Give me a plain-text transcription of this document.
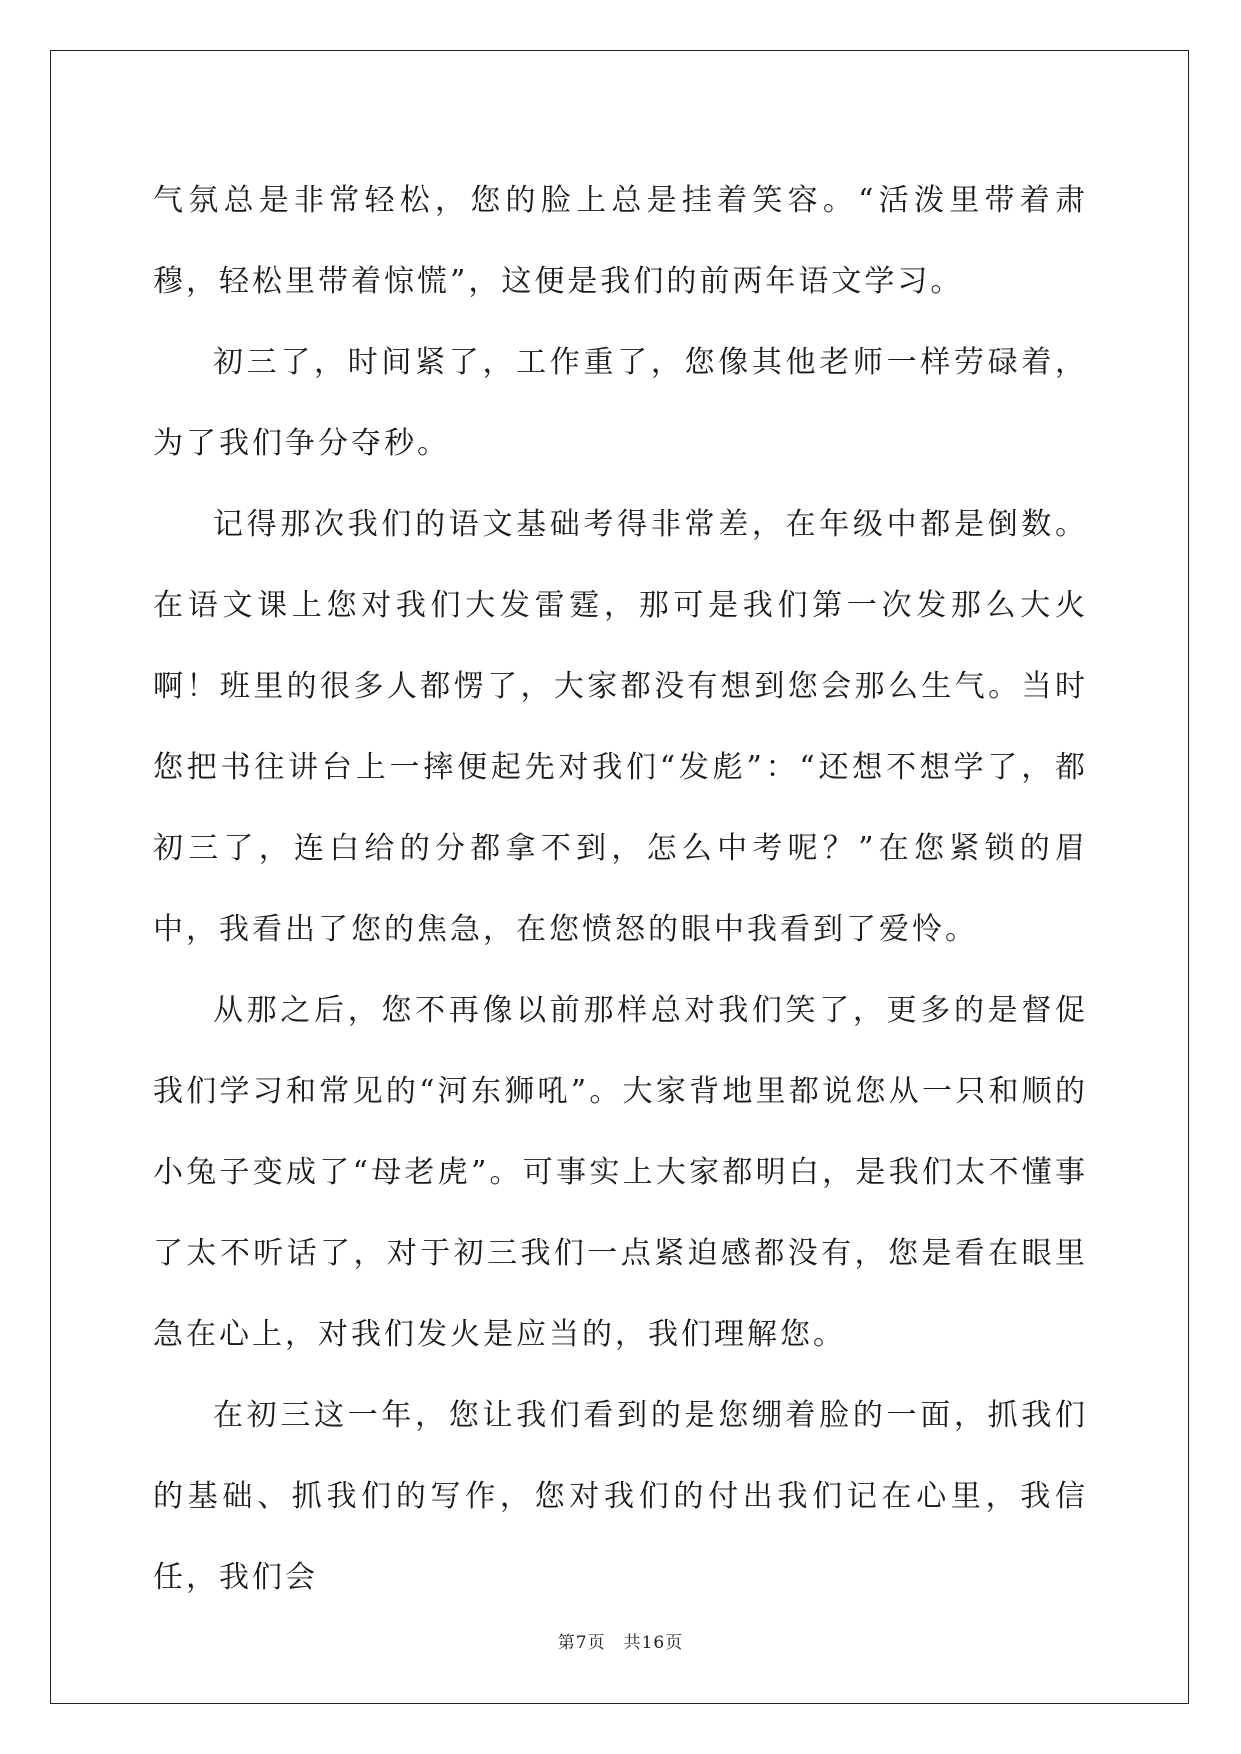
气氛总是非常轻松，您的脸上总是挂着笑容。“活泼里带着肃穆，轻松里带着惊慌”，这便是我们的前两年语文学习。

初三了，时间紧了，工作重了，您像其他老师一样劳碌着，为了我们争分夺秒。

记得那次我们的语文基础考得非常差，在年级中都是倒数。在语文课上您对我们大发雷霆，那可是我们第一次发那么大火啊！班里的很多人都愣了，大家都没有想到您会那么生气。当时您把书往讲台上一摔便起先对我们“发彪”：“还想不想学了，都初三了，连白给的分都拿不到，怎么中考呢？”在您紧锁的眉中，我看出了您的焦急，在您愤怒的眼中我看到了爱怜。

从那之后，您不再像以前那样总对我们笑了，更多的是督促我们学习和常见的“河东狮吼”。大家背地里都说您从一只和顺的小兔子变成了“母老虎”。可事实上大家都明白，是我们太不懂事了太不听话了，对于初三我们一点紧迫感都没有，您是看在眼里急在心上，对我们发火是应当的，我们理解您。

在初三这一年，您让我们看到的是您绷着脸的一面，抓我们的基础、抓我们的写作，您对我们的付出我们记在心里，我信任，我们会

第7页 共16页
